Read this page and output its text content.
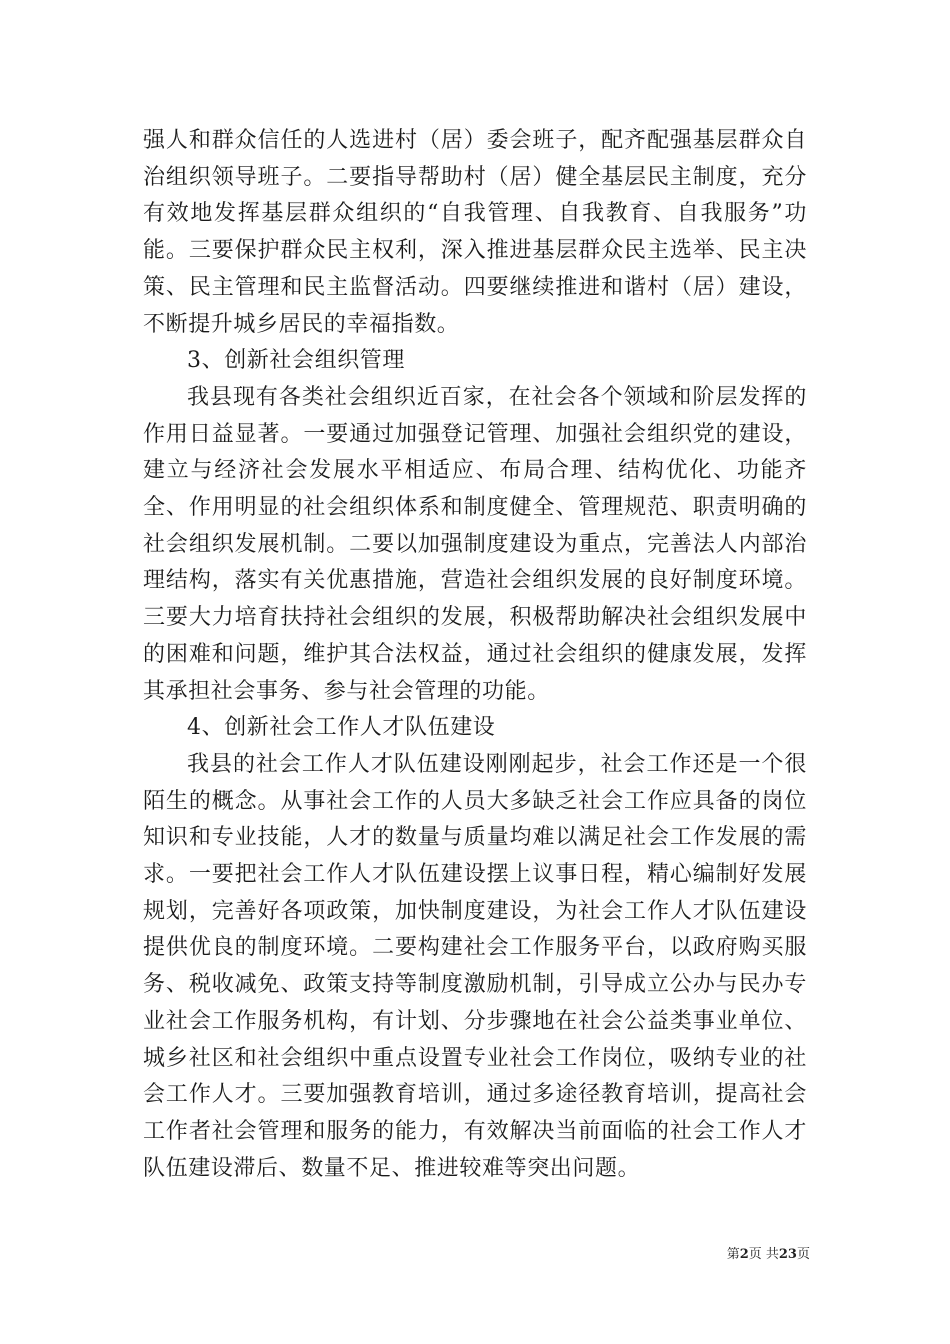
强人和群众信任的人选进村（居）委会班子，配齐配强基层群众自治组织领导班子。二要指导帮助村（居）健全基层民主制度，充分有效地发挥基层群众组织的“自我管理、自我教育、自我服务”功能。三要保护群众民主权利，深入推进基层群众民主选举、民主决策、民主管理和民主监督活动。四要继续推进和谐村（居）建设，不断提升城乡居民的幸福指数。

3、创新社会组织管理

我县现有各类社会组织近百家，在社会各个领域和阶层发挥的作用日益显著。一要通过加强登记管理、加强社会组织党的建设，建立与经济社会发展水平相适应、布局合理、结构优化、功能齐全、作用明显的社会组织体系和制度健全、管理规范、职责明确的社会组织发展机制。二要以加强制度建设为重点，完善法人内部治理结构，落实有关优惠措施，营造社会组织发展的良好制度环境。三要大力培育扶持社会组织的发展，积极帮助解决社会组织发展中的困难和问题，维护其合法权益，通过社会组织的健康发展，发挥其承担社会事务、参与社会管理的功能。

4、创新社会工作人才队伍建设

我县的社会工作人才队伍建设刚刚起步，社会工作还是一个很陌生的概念。从事社会工作的人员大多缺乏社会工作应具备的岗位知识和专业技能，人才的数量与质量均难以满足社会工作发展的需求。一要把社会工作人才队伍建设摆上议事日程，精心编制好发展规划，完善好各项政策，加快制度建设，为社会工作人才队伍建设提供优良的制度环境。二要构建社会工作服务平台，以政府购买服务、税收减免、政策支持等制度激励机制，引导成立公办与民办专业社会工作服务机构，有计划、分步骤地在社会公益类事业单位、城乡社区和社会组织中重点设置专业社会工作岗位，吸纳专业的社会工作人才。三要加强教育培训，通过多途径教育培训，提高社会工作者社会管理和服务的能力，有效解决当前面临的社会工作人才队伍建设滞后、数量不足、推进较难等突出问题。

第2页 共23页
